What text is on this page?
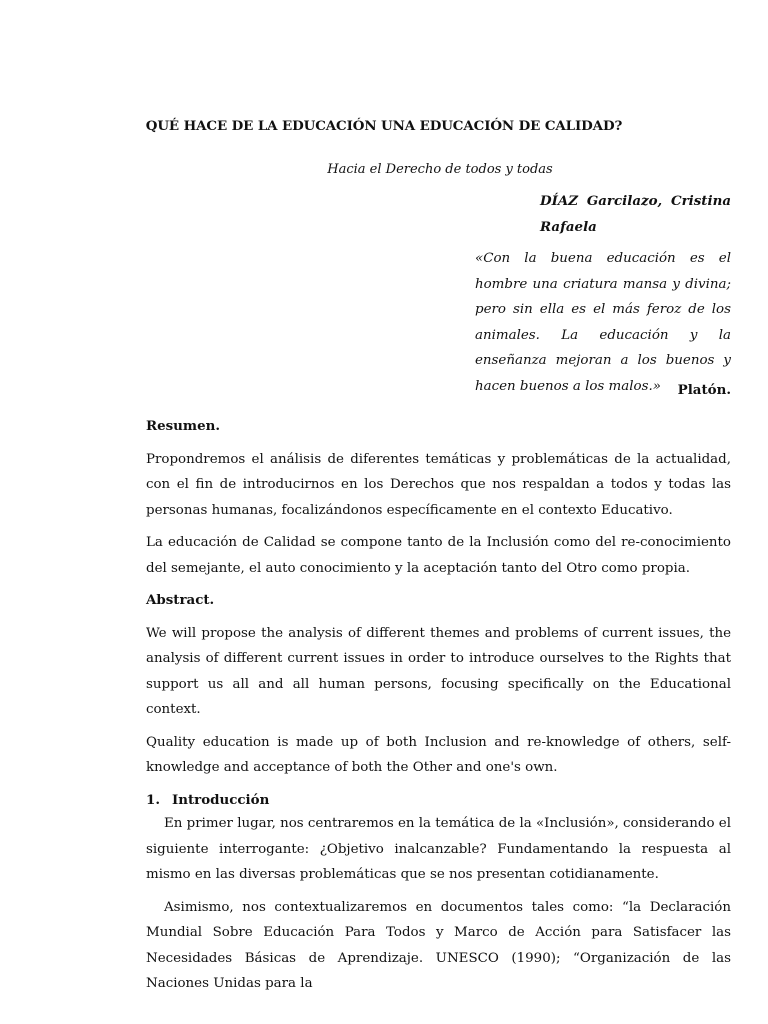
QUÉ HACE DE LA EDUCACIÓN UNA EDUCACIÓN DE CALIDAD?
Hacia el Derecho de todos y todas
DÍAZ Garcilazo, Cristina Rafaela
«Con la buena educación es el hombre una criatura mansa y divina; pero sin ella es el más feroz de los animales. La educación y la enseñanza mejoran a los buenos y hacen buenos a los malos.»	Platón.
Resumen.

Propondremos el análisis de diferentes temáticas y problemáticas de la actualidad, con el fin de introducirnos en los Derechos que nos respaldan a todos y todas las personas humanas, focalizándonos específicamente en el contexto Educativo.

La educación de Calidad se compone tanto de la Inclusión como del re-conocimiento del semejante, el auto conocimiento y la aceptación tanto del Otro como propia.

Abstract.

We will propose the analysis of different themes and problems of current issues, the analysis of different current issues in order to introduce ourselves to the Rights that support us all and all human persons, focusing specifically on the Educational context.

Quality education is made up of both Inclusion and re-knowledge of others, self-knowledge and acceptance of both the Other and one's own.

1. Introducción

En primer lugar, nos centraremos en la temática de la «Inclusión», considerando el siguiente interrogante: ¿Objetivo inalcanzable? Fundamentando la respuesta al mismo en las diversas problemáticas que se nos presentan cotidianamente.

Asimismo, nos contextualizaremos en documentos tales como: “la Declaración Mundial Sobre Educación Para Todos y Marco de Acción para Satisfacer las Necesidades Básicas de Aprendizaje. UNESCO (1990); “Organización de las Naciones Unidas para la
